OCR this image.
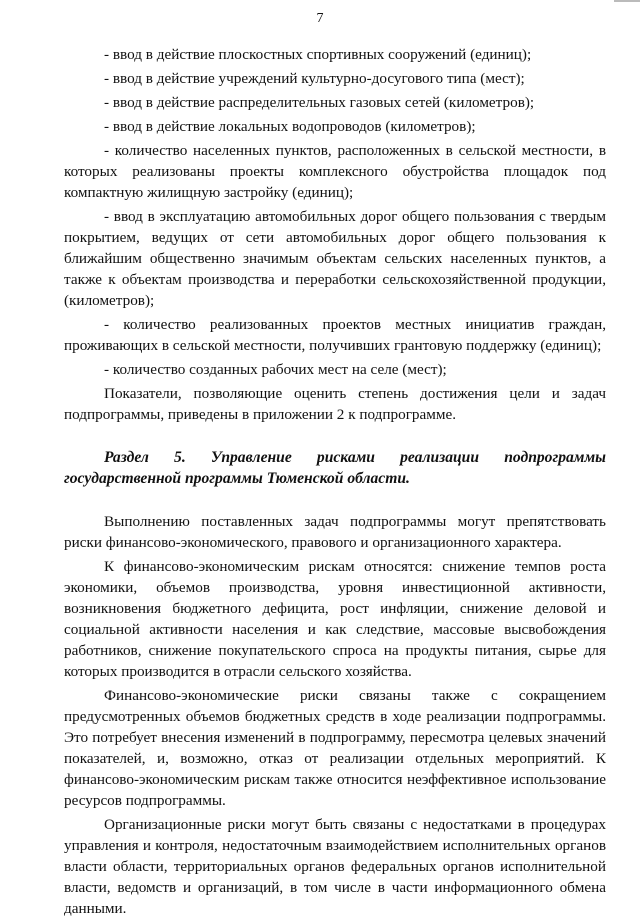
7

- ввод в действие плоскостных спортивных сооружений (единиц);

- ввод в действие учреждений культурно-досугового типа (мест);

- ввод в действие распределительных газовых сетей (километров);

- ввод в действие локальных водопроводов (километров);

- количество населенных пунктов, расположенных в сельской местности, в которых реализованы проекты комплексного обустройства площадок под компактную жилищную застройку (единиц);

- ввод в эксплуатацию автомобильных дорог общего пользования с твердым покрытием, ведущих от сети автомобильных дорог общего пользования к ближайшим общественно значимым объектам сельских населенных пунктов, а также к объектам производства и переработки сельскохозяйственной продукции, (километров);

- количество реализованных проектов местных инициатив граждан, проживающих в сельской местности, получивших грантовую поддержку (единиц);

- количество созданных рабочих мест на селе (мест);

Показатели, позволяющие оценить степень достижения цели и задач подпрограммы, приведены в приложении 2 к подпрограмме.

Раздел 5. Управление рисками реализации подпрограммы
государственной программы Тюменской области.

Выполнению поставленных задач подпрограммы могут препятствовать риски финансово-экономического, правового и организационного характера.

К финансово-экономическим рискам относятся: снижение темпов роста экономики, объемов производства, уровня инвестиционной активности, возникновения бюджетного дефицита, рост инфляции, снижение деловой и социальной активности населения и как следствие, массовые высвобождения работников, снижение покупательского спроса на продукты питания, сырье для которых производится в отрасли сельского хозяйства.

Финансово-экономические риски связаны также с сокращением предусмотренных объемов бюджетных средств в ходе реализации подпрограммы. Это потребует внесения изменений в подпрограмму, пересмотра целевых значений показателей, и, возможно, отказ от реализации отдельных мероприятий. К финансово-экономическим рискам также относится неэффективное использование ресурсов подпрограммы.

Организационные риски могут быть связаны с недостатками в процедурах управления и контроля, недостаточным взаимодействием исполнительных органов власти области, территориальных органов федеральных органов исполнительной власти, ведомств и организаций, в том числе в части информационного обмена данными.
